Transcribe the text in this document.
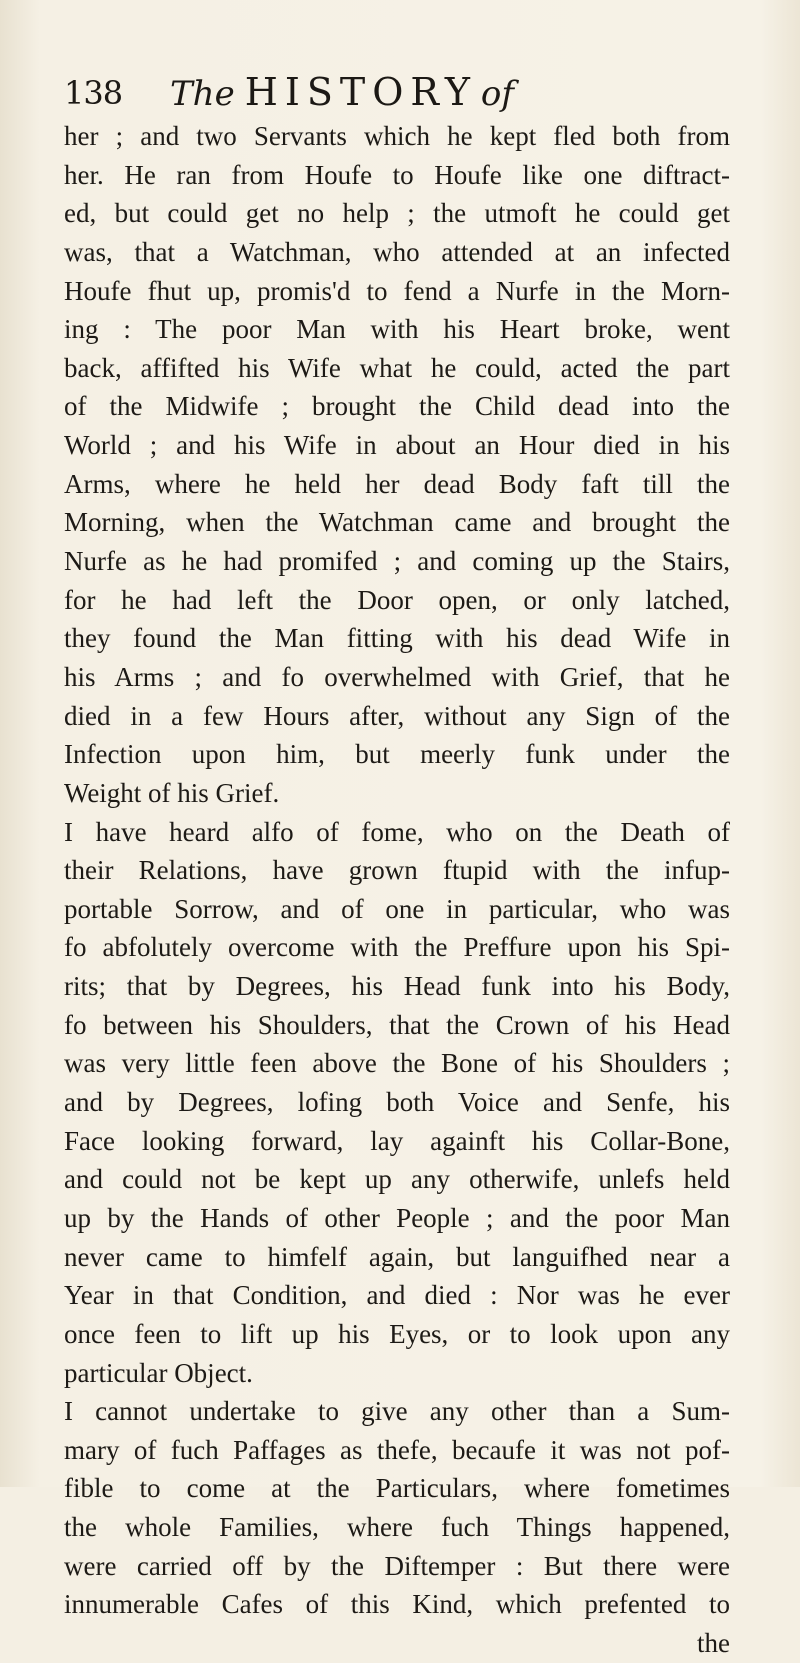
138 The HISTORY of
her ; and two Servants which he kept fled both from
her. He ran from Houfe to Houfe like one diftract-
ed, but could get no help ; the utmoft he could get
was, that a Watchman, who attended at an infected
Houfe fhut up, promis'd to fend a Nurfe in the Morn-
ing : The poor Man with his Heart broke, went
back, affifted his Wife what he could, acted the part
of the Midwife ; brought the Child dead into the
World ; and his Wife in about an Hour died in his
Arms, where he held her dead Body faft till the
Morning, when the Watchman came and brought the
Nurfe as he had promifed ; and coming up the Stairs,
for he had left the Door open, or only latched,
they found the Man fitting with his dead Wife in
his Arms ; and fo overwhelmed with Grief, that he
died in a few Hours after, without any Sign of the
Infection upon him, but meerly funk under the
Weight of his Grief.
I have heard alfo of fome, who on the Death of
their Relations, have grown ftupid with the infup-
portable Sorrow, and of one in particular, who was
fo abfolutely overcome with the Preffure upon his Spi-
rits; that by Degrees, his Head funk into his Body,
fo between his Shoulders, that the Crown of his Head
was very little feen above the Bone of his Shoulders ;
and by Degrees, lofing both Voice and Senfe, his
Face looking forward, lay againft his Collar-Bone,
and could not be kept up any otherwife, unlefs held
up by the Hands of other People ; and the poor Man
never came to himfelf again, but languifhed near a
Year in that Condition, and died : Nor was he ever
once feen to lift up his Eyes, or to look upon any
particular Object.
I cannot undertake to give any other than a Sum-
mary of fuch Paffages as thefe, becaufe it was not pof-
fible to come at the Particulars, where fometimes
the whole Families, where fuch Things happened,
were carried off by the Diftemper : But there were
innumerable Cafes of this Kind, which prefented to
the
